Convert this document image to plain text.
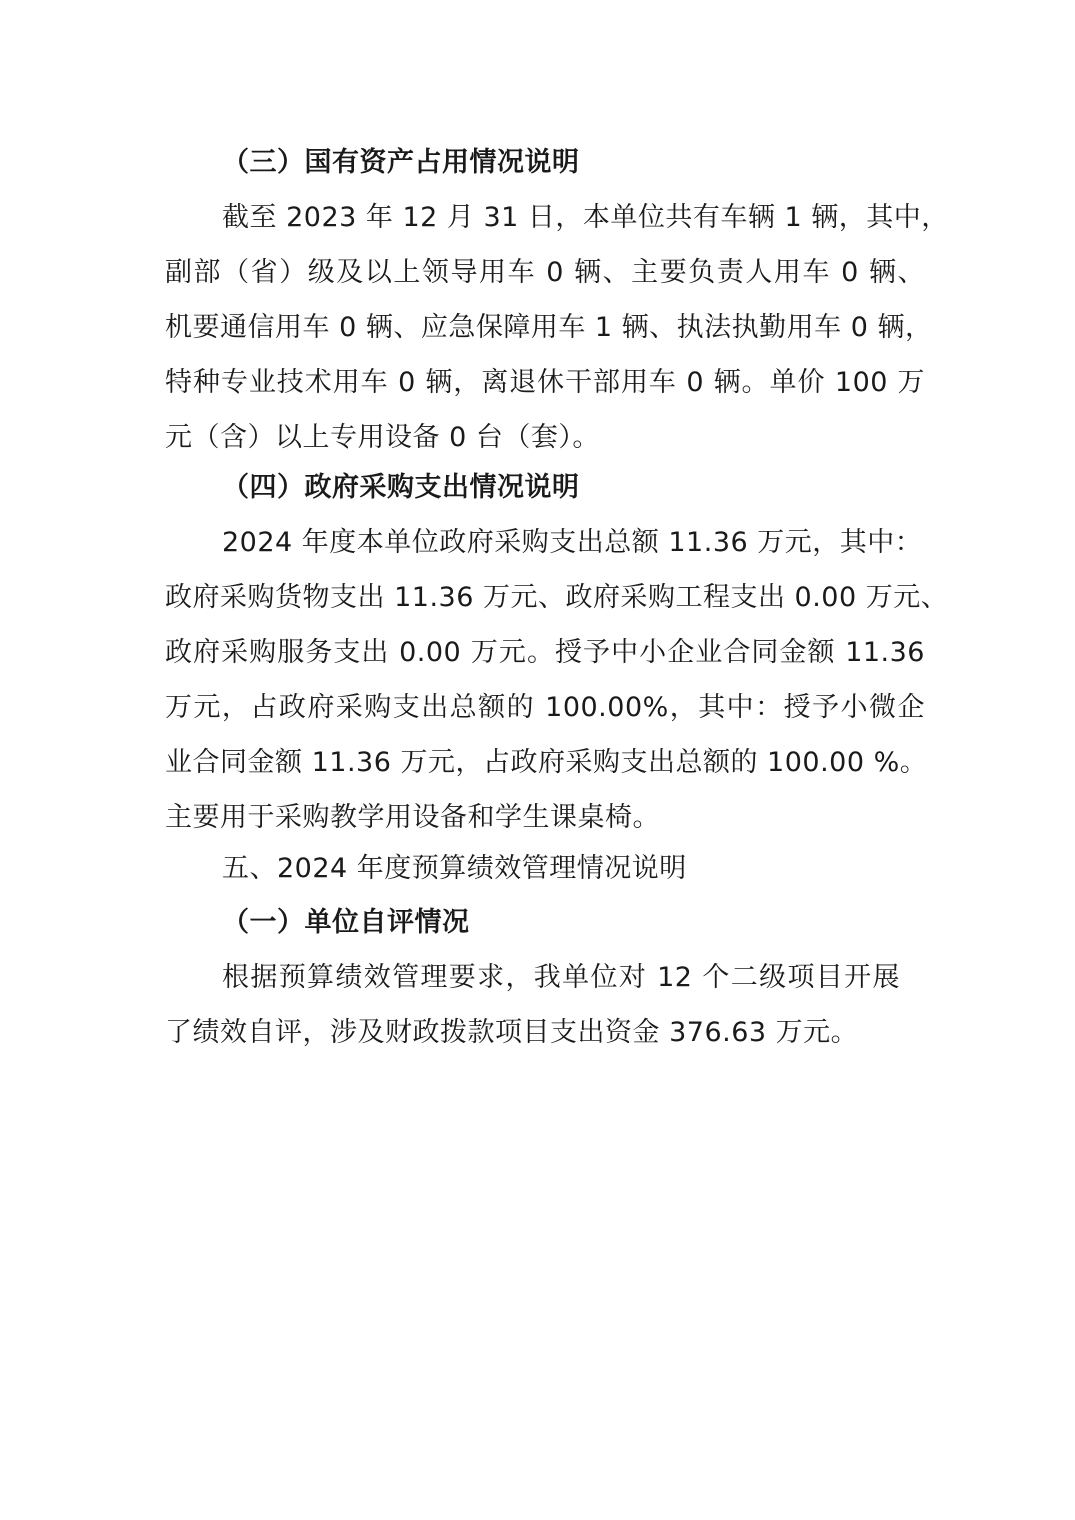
（三）国有资产占用情况说明
截至 2023 年 12 月 31 日，本单位共有车辆 1 辆，其中，
副部（省）级及以上领导用车 0 辆、主要负责人用车 0 辆、
机要通信用车 0 辆、应急保障用车 1 辆、执法执勤用车 0 辆，
特种专业技术用车 0 辆，离退休干部用车 0 辆。单价 100 万
元（含）以上专用设备 0 台（套）。
（四）政府采购支出情况说明
2024 年度本单位政府采购支出总额 11.36 万元，其中：
政府采购货物支出 11.36 万元、政府采购工程支出 0.00 万元、
政府采购服务支出 0.00 万元。授予中小企业合同金额 11.36
万元，占政府采购支出总额的 100.00%，其中：授予小微企
业合同金额 11.36 万元，占政府采购支出总额的 100.00 %。
主要用于采购教学用设备和学生课桌椅。
五、2024 年度预算绩效管理情况说明
（一）单位自评情况
根据预算绩效管理要求，我单位对 12 个二级项目开展
了绩效自评，涉及财政拨款项目支出资金 376.63 万元。
